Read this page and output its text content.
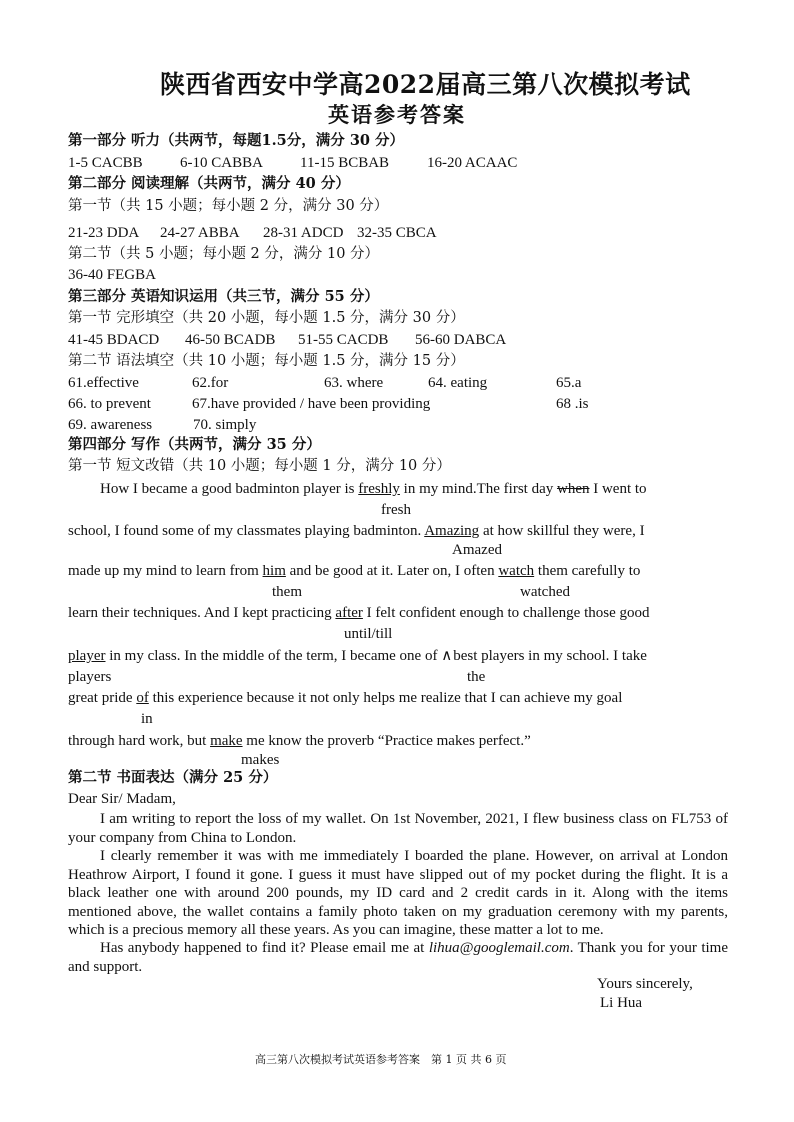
陕西省西安中学高2022届高三第八次模拟考试
英语参考答案
第一部分 听力（共两节，每题1.5分，满分 30 分）
1-5 CACBB 6-10 CABBA 11-15 BCBAB	16-20 ACAAC
第二部分 阅读理解（共两节，满分 40 分）
第一节（共 15 小题；每小题 2 分，满分 30 分）
21-23 DDA 24-27 ABBA 28-31 ADCD 32-35 CBCA
第二节（共 5 小题；每小题 2 分，满分 10 分）
36-40 FEGBA
第三部分 英语知识运用（共三节，满分 55 分）
第一节 完形填空（共 20 小题，每小题 1.5 分，满分 30 分）
41-45 BDACD 46-50 BCADB 51-55 CACDB 56-60 DABCA
第二节 语法填空（共 10 小题；每小题 1.5 分，满分 15 分）
61.effective	62.for	63. where	64. eating	65.a
66. to prevent	67.have provided / have been providing	68 .is
69. awareness	70. simply
第四部分 写作（共两节，满分 35 分）
第一节 短文改错（共 10 小题；每小题 1 分，满分 10 分）
How I became a good badminton player is freshly in my mind.The first day when I went to
fresh
school, I found some of my classmates playing badminton. Amazing at how skillful they were, I
Amazed
made up my mind to learn from him and be good at it. Later on, I often watch them carefully to
them	watched
learn their techniques. And I kept practicing after I felt confident enough to challenge those good
until/till
player in my class. In the middle of the term, I became one of ∧best players in my school. I take
players	the
great pride of this experience because it not only helps me realize that I can achieve my goal
in
through hard work, but make me know the proverb “Practice makes perfect.”
makes
第二节 书面表达（满分 25 分）
Dear Sir/ Madam,
I am writing to report the loss of my wallet. On 1st November, 2021, I flew business class on FL753 of your company from China to London.
I clearly remember it was with me immediately I boarded the plane. However, on arrival at London Heathrow Airport, I found it gone. I guess it must have slipped out of my pocket during the flight. It is a black leather one with around 200 pounds, my ID card and 2 credit cards in it. Along with the items mentioned above, the wallet contains a family photo taken on my graduation ceremony with my parents, which is a precious memory all these years. As you can imagine, these matter a lot to me.
Has anybody happened to find it? Please email me at lihua@googlemail.com. Thank you for your time and support.
Yours sincerely,
Li Hua
高三第八次模拟考试英语参考答案　第 1 页 共 6 页
